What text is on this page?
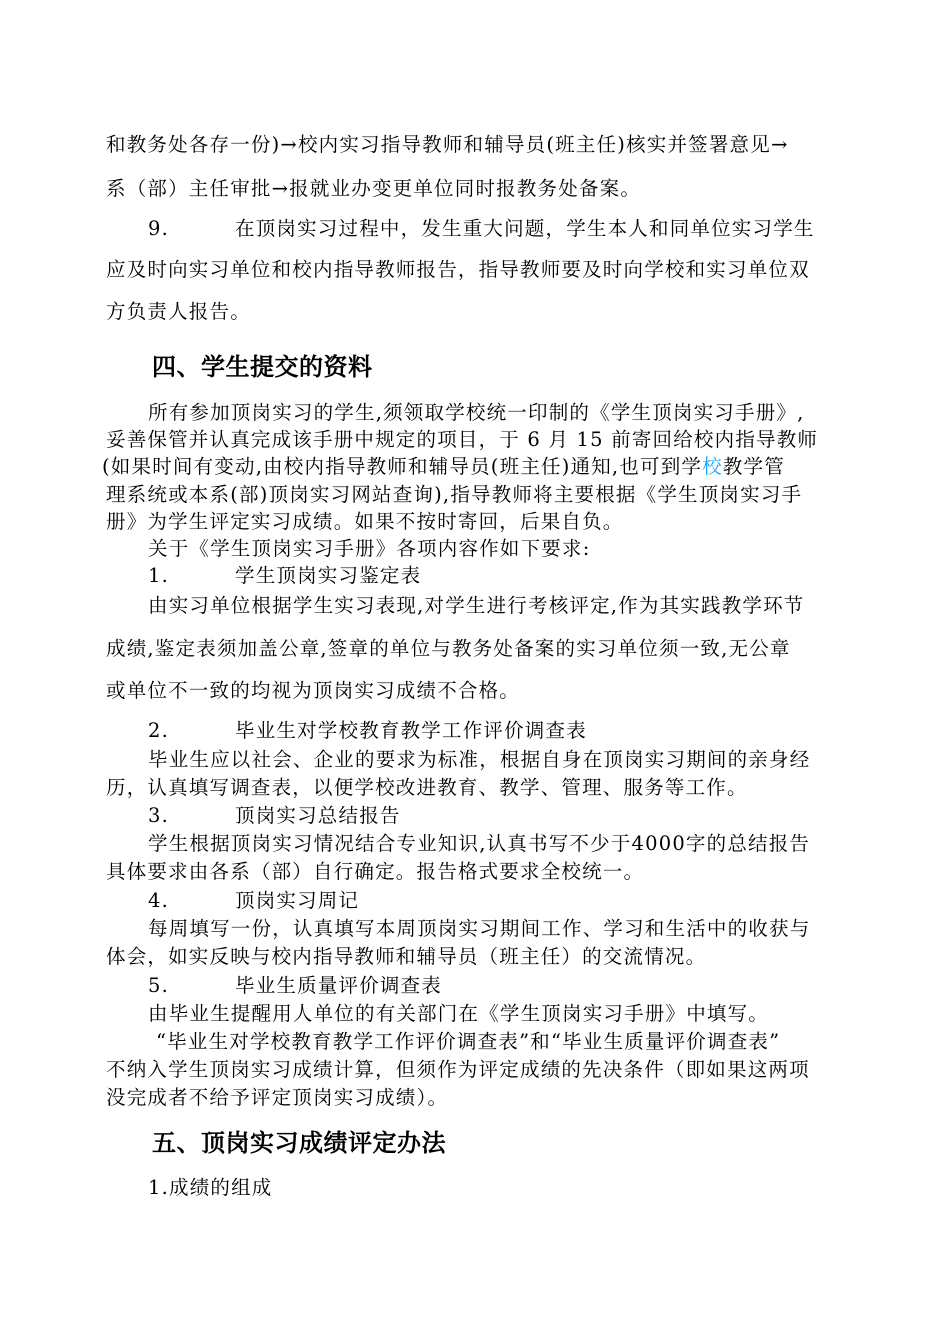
和教务处各存一份)→校内实习指导教师和辅导员(班主任)核实并签署意见→

系（部）主任审批→报就业办变更单位同时报教务处备案。

9.	在顶岗实习过程中，发生重大问题，学生本人和同单位实习学生

应及时向实习单位和校内指导教师报告，指导教师要及时向学校和实习单位双

方负责人报告。

四、学生提交的资料

所有参加顶岗实习的学生,须领取学校统一印制的《学生顶岗实习手册》,

妥善保管并认真完成该手册中规定的项目，于 6 月 15 前寄回给校内指导教师

(如果时间有变动,由校内指导教师和辅导员(班主任)通知,也可到学校教学管

理系统或本系(部)顶岗实习网站查询),指导教师将主要根据《学生顶岗实习手

册》为学生评定实习成绩。如果不按时寄回，后果自负。

关于《学生顶岗实习手册》各项内容作如下要求:

1.	学生顶岗实习鉴定表

由实习单位根据学生实习表现,对学生进行考核评定,作为其实践教学环节

成绩,鉴定表须加盖公章,签章的单位与教务处备案的实习单位须一致,无公章

或单位不一致的均视为顶岗实习成绩不合格。

2.	毕业生对学校教育教学工作评价调查表

毕业生应以社会、企业的要求为标准，根据自身在顶岗实习期间的亲身经

历，认真填写调查表，以便学校改进教育、教学、管理、服务等工作。

3.	顶岗实习总结报告

学生根据顶岗实习情况结合专业知识,认真书写不少于4000字的总结报告

具体要求由各系（部）自行确定。报告格式要求全校统一。

4.	顶岗实习周记

每周填写一份，认真填写本周顶岗实习期间工作、学习和生活中的收获与

体会，如实反映与校内指导教师和辅导员（班主任）的交流情况。

5.	毕业生质量评价调查表

由毕业生提醒用人单位的有关部门在《学生顶岗实习手册》中填写。

“毕业生对学校教育教学工作评价调查表”和“毕业生质量评价调查表”

不纳入学生顶岗实习成绩计算，但须作为评定成绩的先决条件（即如果这两项

没完成者不给予评定顶岗实习成绩）。

五、顶岗实习成绩评定办法

1.成绩的组成
